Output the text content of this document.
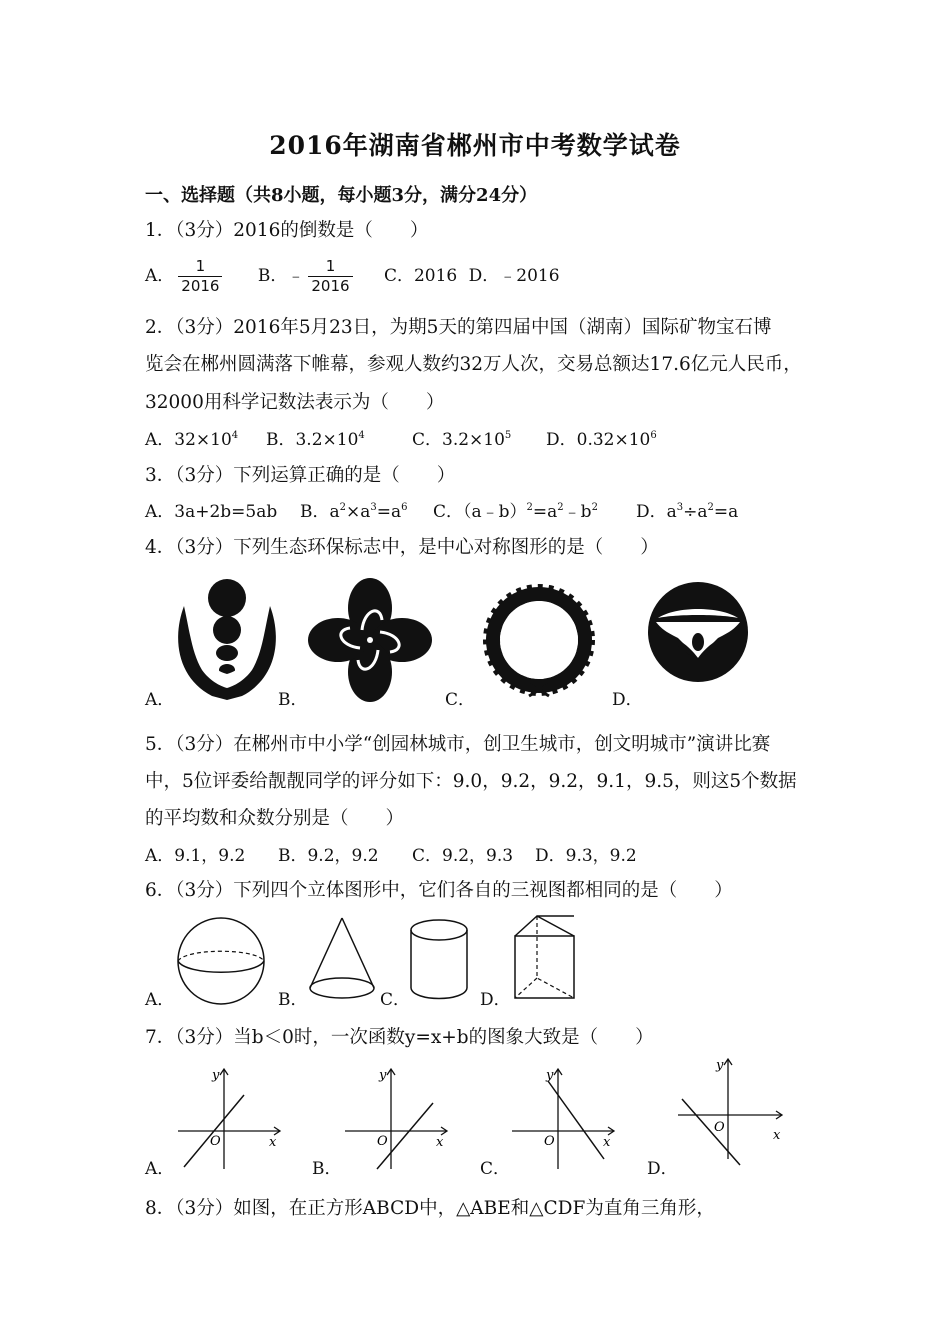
2016年湖南省郴州市中考数学试卷
一、选择题（共8小题，每小题3分，满分24分）
1．（3分）2016的倒数是（　　）
A． $\frac{1}{2016}$ B．﹣ $\frac{1}{2016}$ C．2016 D．﹣2016
2．（3分）2016年5月23日，为期5天的第四届中国（湖南）国际矿物宝石博
览会在郴州圆满落下帷幕，参观人数约32万人次，交易总额达17.6亿元人民币，
32000用科学记数法表示为（　　）
A．$32\times 10^4$ B．$3.2\times 10^4$	C．$3.2\times 10^5$ D．$0.32\times 10^6$
3．（3分）下列运算正确的是（　　）
A．3a+2b=5ab B．$a^2\times a^3=a^6$ C．$(a﹣b)^2=a^2﹣b^2$ D．$a^3\div a^2=a$
4．（3分）下列生态环保标志中，是中心对称图形的是（　　）
A．	B．	C．	D．
5．（3分）在郴州市中小学“创园林城市，创卫生城市，创文明城市”演讲比赛
中，5位评委给靓靓同学的评分如下：9.0，9.2，9.2，9.1，9.5，则这5个数据
的平均数和众数分别是（　　）
A．9.1，9.2 B．9.2，9.2 C．9.2，9.3 D．9.3，9.2
6．（3分）下列四个立体图形中，它们各自的三视图都相同的是（　　）
A．	B．	C．	D．
7．（3分）当b＜0时，一次函数y=x+b的图象大致是（　　）
A．	B．	C．	D．
y
x
O
y
x
O
y
x
O
y
x
O
8．（3分）如图，在正方形ABCD中，△ABE和△CDF为直角三角形，
